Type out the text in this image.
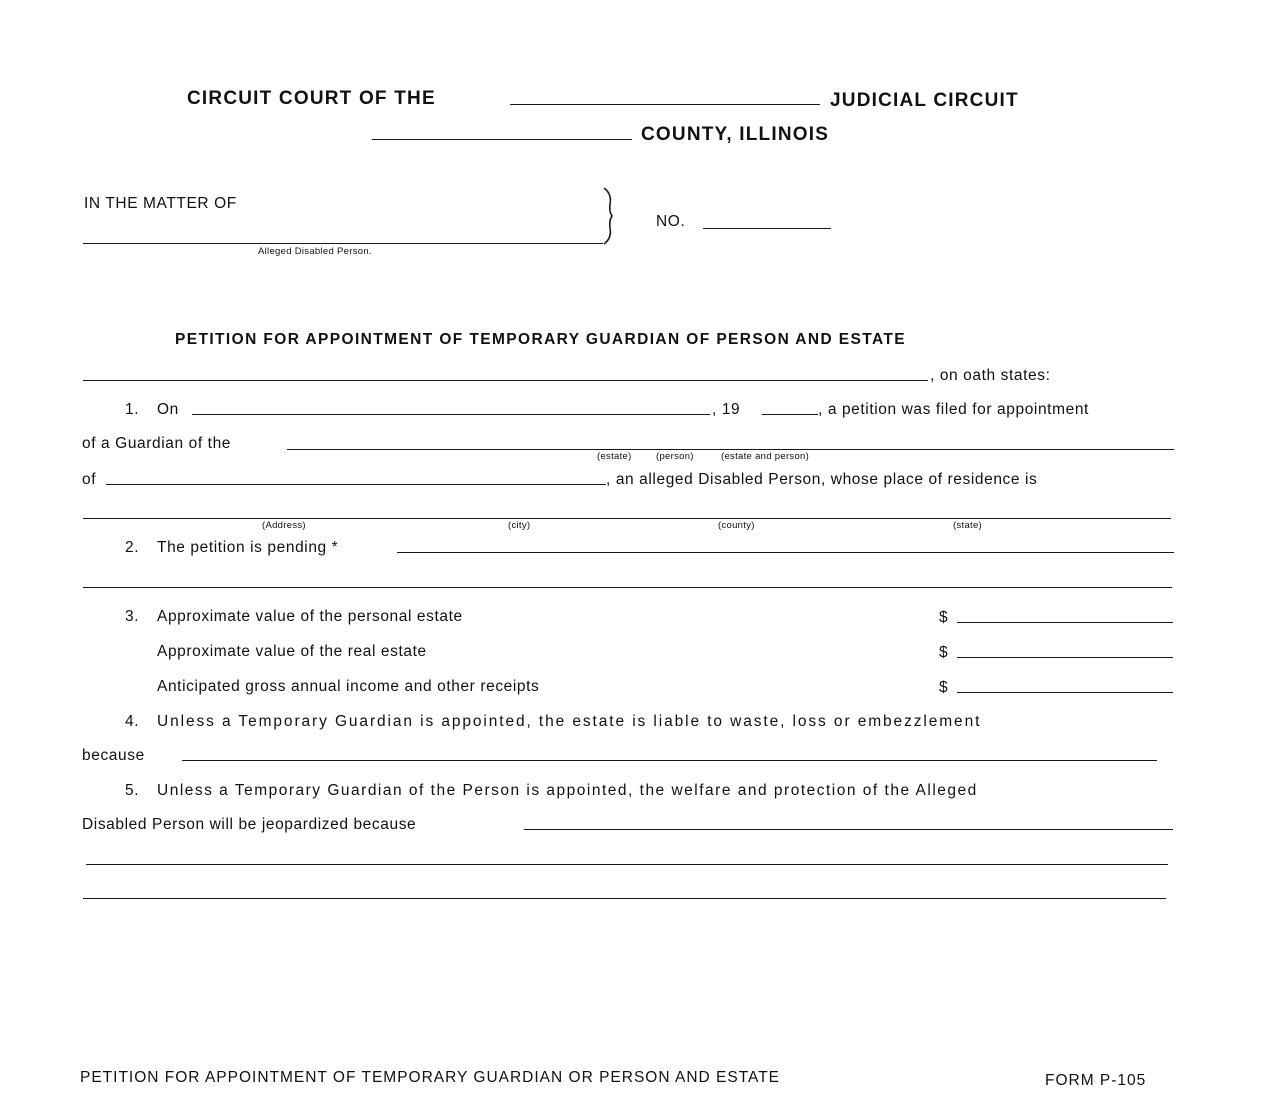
CIRCUIT COURT OF THE	JUDICIAL CIRCUIT
COUNTY, ILLINOIS
IN THE MATTER OF
Alleged Disabled Person.
NO.
PETITION FOR APPOINTMENT OF TEMPORARY GUARDIAN OF PERSON AND ESTATE
, on oath states:
1. On	, 19	, a petition was filed for appointment
of a Guardian of the
(estate)	(person)	(estate and person)
of	, an alleged Disabled Person, whose place of residence is
(Address)	(city)	(county)	(state)
2. The petition is pending *
3. Approximate value of the personal estate	$
Approximate value of the real estate	$
Anticipated gross annual income and other receipts	$
4. Unless a Temporary Guardian is appointed, the estate is liable to waste, loss or embezzlement
because
5. Unless a Temporary Guardian of the Person is appointed, the welfare and protection of the Alleged
Disabled Person will be jeopardized because
PETITION FOR APPOINTMENT OF TEMPORARY GUARDIAN OR PERSON AND ESTATE	FORM P-105
